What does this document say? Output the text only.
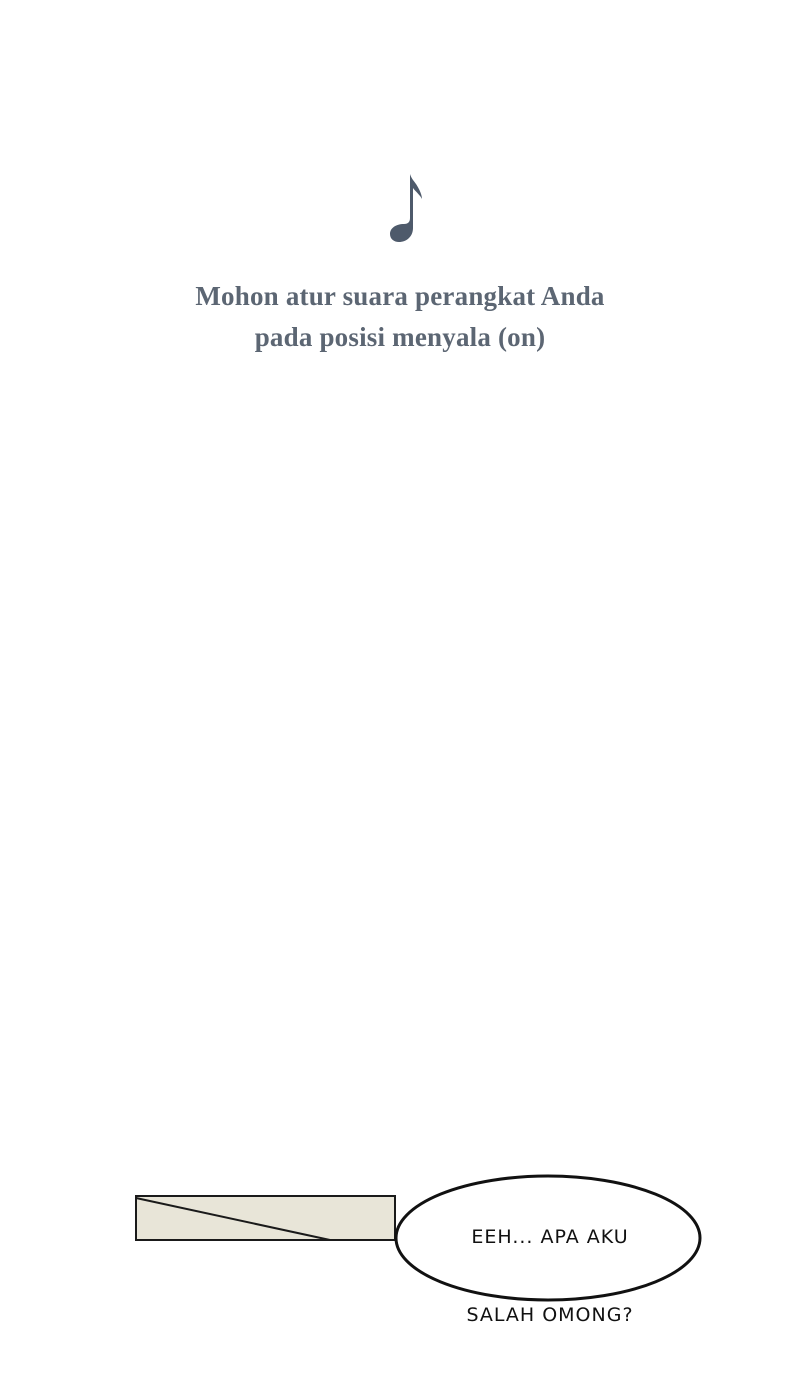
Mohon atur suara perangkat Anda
pada posisi menyala (on)

EEH... APA AKU

SALAH OMONG?
